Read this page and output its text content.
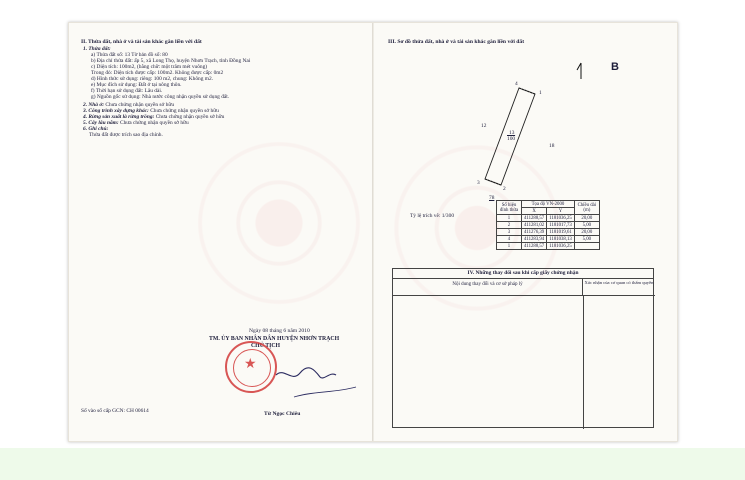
II. Thửa đất, nhà ở và tài sản khác gắn liền với đất
1. Thửa đất:
a) Thửa đất số: 13 Tờ bản đồ số: 80
b) Địa chỉ thửa đất: ấp 5, xã Long Thọ, huyện Nhơn Trạch, tỉnh Đồng Nai
c) Diện tích: 100m2, (bằng chữ: một trăm mét vuông)
Trong đó: Diện tích được cấp: 100m2. Không được cấp: 0m2
d) Hình thức sử dụng: riêng: 100 m2, chung: Không m2.
e) Mục đích sử dụng: Đất ở tại nông thôn.
f) Thời hạn sử dụng đất: Lâu dài.
g) Nguồn gốc sử dụng: Nhà nước công nhận quyền sử dụng đất.
2. Nhà ở: Chưa chứng nhận quyền sở hữu
3. Công trình xây dựng khác: Chưa chứng nhận quyền sở hữu
4. Rừng sản xuất là rừng trồng: Chưa chứng nhận quyền sở hữu
5. Cây lâu năm: Chưa chứng nhận quyền sở hữu
6. Ghi chú:
Thửa đất được trích sao địa chính.
Ngày 08 tháng 6 năm 2010
TM. ỦY BAN NHÂN DÂN HUYỆN NHƠN TRẠCH
CHỦ TỊCH
★
Số vào sổ cấp GCN: CH 00614	Từ Ngọc Chiêu
III. Sơ đồ thửa đất, nhà ở và tài sản khác gắn liền với đất
1
2
3
4
12
18
78
13
100
B
Tỷ lệ trích vẽ: 1/300
Số hiệu đỉnh thửa	Tọa độ VN-2000		Chiều dài (m)
	X	Y	
1	411288,57	1181036,25	20,00
2	411281,02	1181017,73	5,00
3	411276,39	1181019,61	20,00
4	411283,94	1181038,13	5,00
1	411288,57	1181036,25	
IV. Những thay đổi sau khi cấp giấy chứng nhận
Nội dung thay đổi và cơ sở pháp lý	Xác nhận của cơ quan có thẩm quyền
